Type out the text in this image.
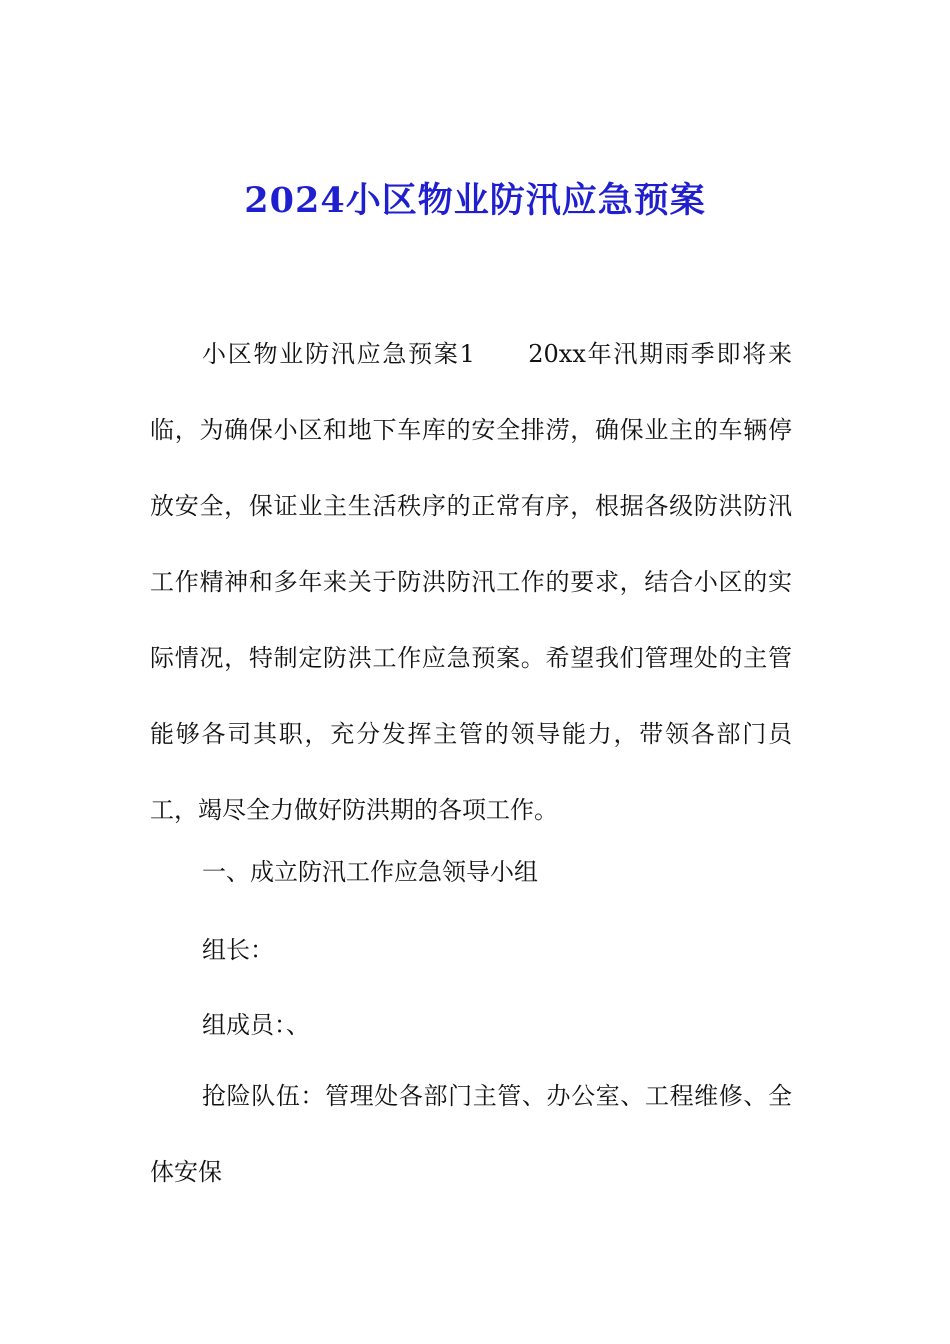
2024小区物业防汛应急预案

小区物业防汛应急预案1　　20xx年汛期雨季即将来临，为确保小区和地下车库的安全排涝，确保业主的车辆停放安全，保证业主生活秩序的正常有序，根据各级防洪防汛工作精神和多年来关于防洪防汛工作的要求，结合小区的实际情况，特制定防洪工作应急预案。希望我们管理处的主管能够各司其职，充分发挥主管的领导能力，带领各部门员工，竭尽全力做好防洪期的各项工作。

一、成立防汛工作应急领导小组

组长：

组成员：、

抢险队伍：管理处各部门主管、办公室、工程维修、全体安保
